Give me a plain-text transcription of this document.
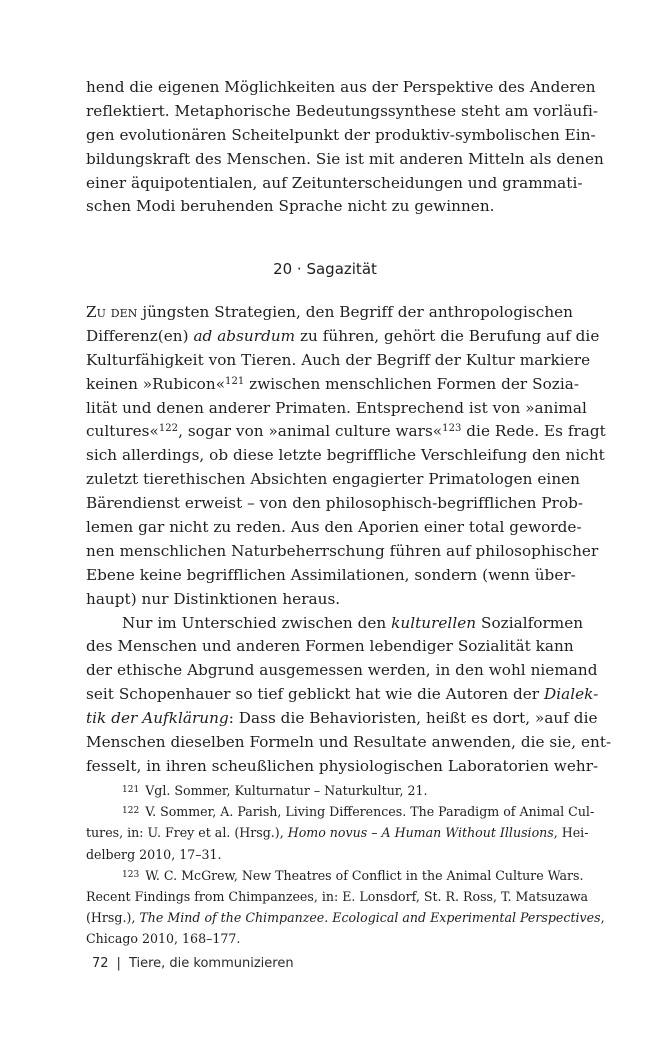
hend die eigenen Möglichkeiten aus der Perspektive des Anderen
reflektiert. Metaphorische Bedeutungssynthese steht am vorläufi-
gen evolutionären Scheitelpunkt der produktiv-symbolischen Ein-
bildungskraft des Menschen. Sie ist mit anderen Mitteln als denen
einer äquipotentialen, auf Zeitunterscheidungen und grammati-
schen Modi beruhenden Sprache nicht zu gewinnen.
20 · Sagazität
Zu den jüngsten Strategien, den Begriff der anthropologischen
Differenz(en) ad absurdum zu führen, gehört die Berufung auf die
Kulturfähigkeit von Tieren. Auch der Begriff der Kultur markiere
keinen »Rubicon«$^{121}$ zwischen menschlichen Formen der Sozia-
lität und denen anderer Primaten. Entsprechend ist von »animal
cultures«$^{122}$, sogar von »animal culture wars«$^{123}$ die Rede. Es fragt
sich allerdings, ob diese letzte begriffliche Verschleifung den nicht
zuletzt tierethischen Absichten engagierter Primatologen einen
Bärendienst erweist – von den philosophisch-begrifflichen Prob-
lemen gar nicht zu reden. Aus den Aporien einer total geworde-
nen menschlichen Naturbeherrschung führen auf philosophischer
Ebene keine begrifflichen Assimilationen, sondern (wenn über-
haupt) nur Distinktionen heraus.
Nur im Unterschied zwischen den kulturellen Sozialformen
des Menschen und anderen Formen lebendiger Sozialität kann
der ethische Abgrund ausgemessen werden, in den wohl niemand
seit Schopenhauer so tief geblickt hat wie die Autoren der Dialek-
tik der Aufklärung: Dass die Behavioristen, heißt es dort, »auf die
Menschen dieselben Formeln und Resultate anwenden, die sie, ent-
fesselt, in ihren scheußlichen physiologischen Laboratorien wehr-
121 Vgl. Sommer, Kulturnatur – Naturkultur, 21.
122 V. Sommer, A. Parish, Living Differences. The Paradigm of Animal Cul-
tures, in: U. Frey et al. (Hrsg.), Homo novus – A Human Without Illusions, Hei-
delberg 2010, 17–31.
123 W. C. McGrew, New Theatres of Conflict in the Animal Culture Wars.
Recent Findings from Chimpanzees, in: E. Lonsdorf, St. R. Ross, T. Matsuzawa
(Hrsg.), The Mind of the Chimpanzee. Ecological and Experimental Perspectives,
Chicago 2010, 168–177.
72 | Tiere, die kommunizieren
